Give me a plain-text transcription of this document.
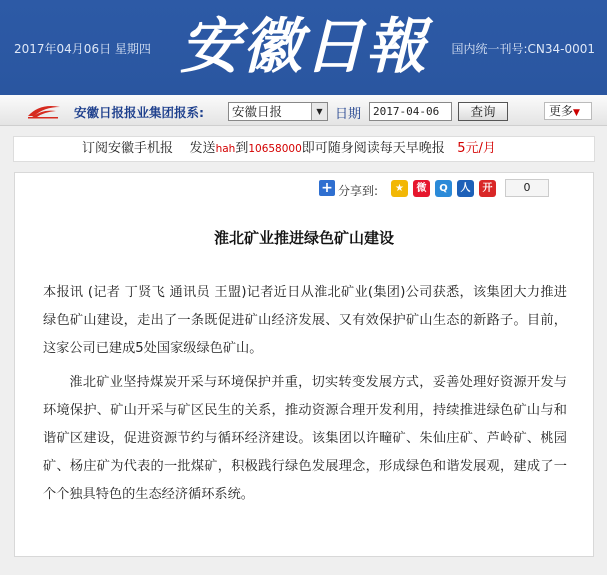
2017年04月06日 星期四 安徽日報 国内统一刊号:CN34-0001
安徽日报报业集团报系:	安徽日报	▼ 日期	2017-04-06	查询	更多▼
订阅安徽手机报 发送hah到10658000即可随身阅读每天早晚报 5元/月
+ 分享到:	★	微	Q	人	开	0
淮北矿业推进绿色矿山建设

本报讯 (记者 丁贤飞 通讯员 王盟)记者近日从淮北矿业(集团)公司获悉，该集团大力推进绿色矿山建设，走出了一条既促进矿山经济发展、又有效保护矿山生态的新路子。目前，这家公司已建成5处国家级绿色矿山。

淮北矿业坚持煤炭开采与环境保护并重，切实转变发展方式，妥善处理好资源开发与环境保护、矿山开采与矿区民生的关系，推动资源合理开发利用，持续推进绿色矿山与和谐矿区建设，促进资源节约与循环经济建设。该集团以许疃矿、朱仙庄矿、芦岭矿、桃园矿、杨庄矿为代表的一批煤矿，积极践行绿色发展理念，形成绿色和谐发展观，建成了一个个独具特色的生态经济循环系统。
